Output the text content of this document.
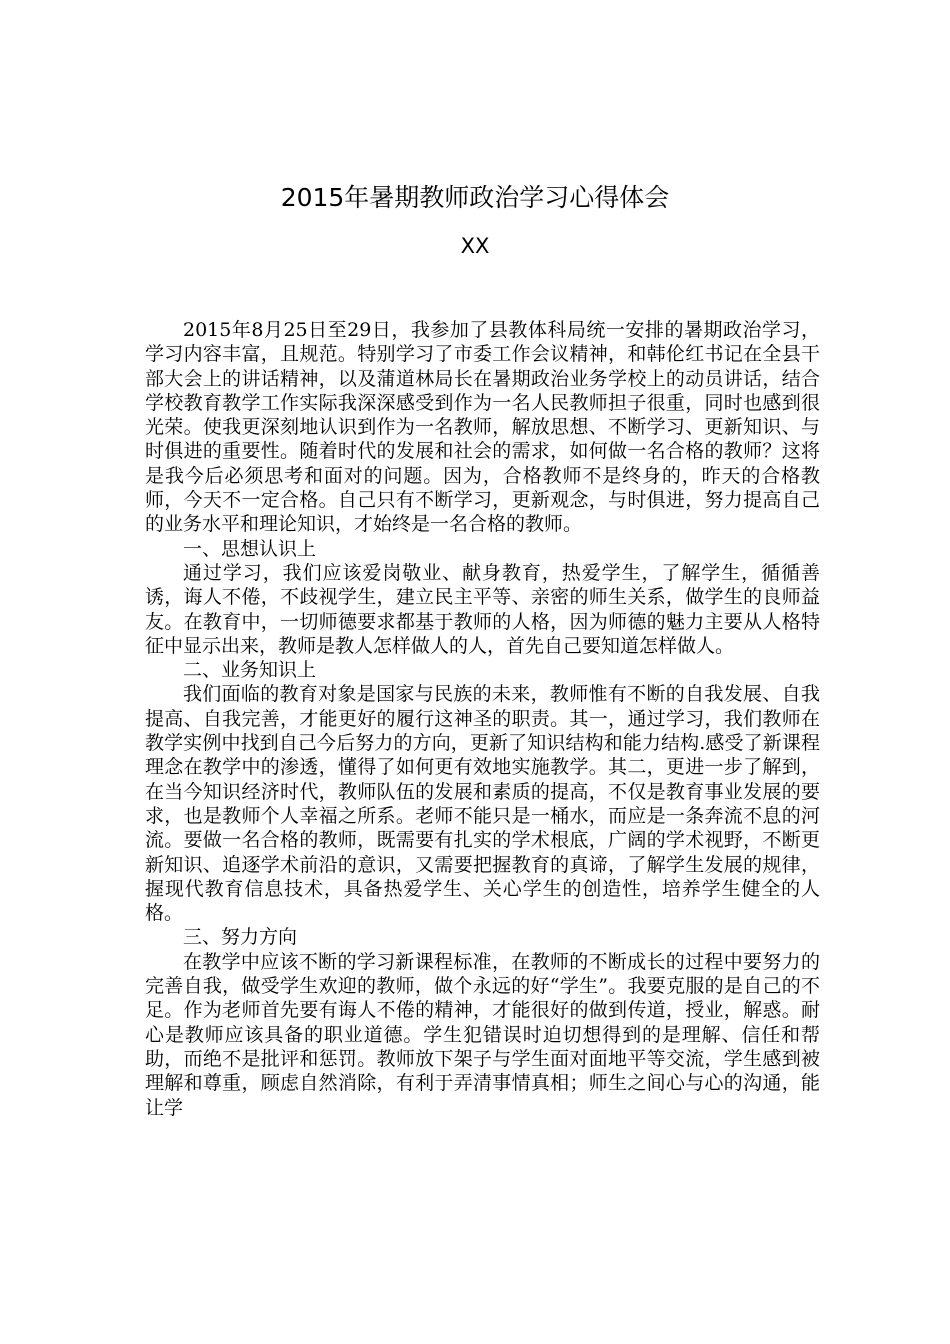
2015年暑期教师政治学习心得体会
XX

2015年8月25日至29日，我参加了县教体科局统一安排的暑期政治学习，学习内容丰富，且规范。特别学习了市委工作会议精神，和韩伦红书记在全县干部大会上的讲话精神，以及蒲道林局长在暑期政治业务学校上的动员讲话，结合学校教育教学工作实际我深深感受到作为一名人民教师担子很重，同时也感到很光荣。使我更深刻地认识到作为一名教师，解放思想、不断学习、更新知识、与时俱进的重要性。随着时代的发展和社会的需求，如何做一名合格的教师？这将是我今后必须思考和面对的问题。因为，合格教师不是终身的，昨天的合格教师，今天不一定合格。自己只有不断学习，更新观念，与时俱进，努力提高自己的业务水平和理论知识，才始终是一名合格的教师。

一、思想认识上

通过学习，我们应该爱岗敬业、献身教育，热爱学生，了解学生，循循善诱，诲人不倦，不歧视学生，建立民主平等、亲密的师生关系，做学生的良师益友。在教育中，一切师德要求都基于教师的人格，因为师德的魅力主要从人格特征中显示出来，教师是教人怎样做人的人，首先自己要知道怎样做人。

二、业务知识上

我们面临的教育对象是国家与民族的未来，教师惟有不断的自我发展、自我提高、自我完善，才能更好的履行这神圣的职责。其一，通过学习，我们教师在教学实例中找到自己今后努力的方向，更新了知识结构和能力结构.感受了新课程理念在教学中的渗透，懂得了如何更有效地实施教学。其二，更进一步了解到，在当今知识经济时代，教师队伍的发展和素质的提高，不仅是教育事业发展的要求，也是教师个人幸福之所系。老师不能只是一桶水，而应是一条奔流不息的河流。要做一名合格的教师，既需要有扎实的学术根底，广阔的学术视野，不断更新知识、追逐学术前沿的意识，又需要把握教育的真谛，了解学生发展的规律，握现代教育信息技术，具备热爱学生、关心学生的创造性，培养学生健全的人格。

三、努力方向

在教学中应该不断的学习新课程标准，在教师的不断成长的过程中要努力的完善自我，做受学生欢迎的教师，做个永远的好“学生”。我要克服的是自己的不足。作为老师首先要有诲人不倦的精神，才能很好的做到传道，授业，解惑。耐心是教师应该具备的职业道德。学生犯错误时迫切想得到的是理解、信任和帮助，而绝不是批评和惩罚。教师放下架子与学生面对面地平等交流，学生感到被理解和尊重，顾虑自然消除，有利于弄清事情真相；师生之间心与心的沟通，能让学
